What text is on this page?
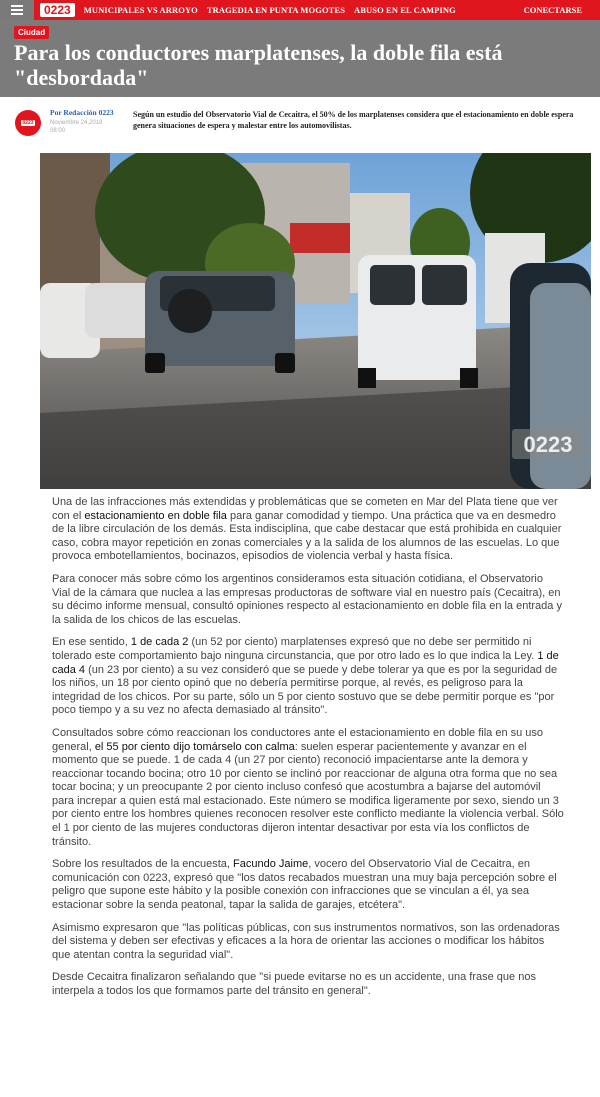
0223	MUNICIPALES VS ARROYO TRAGEDIA EN PUNTA MOGOTES ABUSO EN EL CAMPING	CONECTARSE
Ciudad
Para los conductores marplatenses, la doble fila está "desbordada"
0223
Por Redacción 0223
Noviembre 24,2018
08:00
Según un estudio del Observatorio Vial de Cecaitra, el 50% de los marplatenses considera que el estacionamiento en doble espera genera situaciones de espera y malestar entre los automovilistas.
0223

Una de las infracciones más extendidas y problemáticas que se cometen en Mar del Plata tiene que ver con el estacionamiento en doble fila para ganar comodidad y tiempo. Una práctica que va en desmedro de la libre circulación de los demás. Esta indisciplina, que cabe destacar que está prohibida en cualquier caso, cobra mayor repetición en zonas comerciales y a la salida de los alumnos de las escuelas. Lo que provoca embotellamientos, bocinazos, episodios de violencia verbal y hasta física.

Para conocer más sobre cómo los argentinos consideramos esta situación cotidiana, el Observatorio Vial de la cámara que nuclea a las empresas productoras de software vial en nuestro país (Cecaitra), en su décimo informe mensual, consultó opiniones respecto al estacionamiento en doble fila en la entrada y la salida de los chicos de las escuelas.

En ese sentido, 1 de cada 2 (un 52 por ciento) marplatenses expresó que no debe ser permitido ni tolerado este comportamiento bajo ninguna circunstancia, que por otro lado es lo que indica la Ley. 1 de cada 4 (un 23 por ciento) a su vez consideró que se puede y debe tolerar ya que es por la seguridad de los niños, un 18 por ciento opinó que no debería permitirse porque, al revés, es peligroso para la integridad de los chicos. Por su parte, sólo un 5 por ciento sostuvo que se debe permitir porque es "por poco tiempo y a su vez no afecta demasiado al tránsito".

Consultados sobre cómo reaccionan los conductores ante el estacionamiento en doble fila en su uso general, el 55 por ciento dijo tomárselo con calma: suelen esperar pacientemente y avanzar en el momento que se puede. 1 de cada 4 (un 27 por ciento) reconoció impacientarse ante la demora y reaccionar tocando bocina; otro 10 por ciento se inclinó por reaccionar de alguna otra forma que no sea tocar bocina; y un preocupante 2 por ciento incluso confesó que acostumbra a bajarse del automóvil para increpar a quien está mal estacionado. Este número se modifica ligeramente por sexo, siendo un 3 por ciento entre los hombres quienes reconocen resolver este conflicto mediante la violencia verbal. Sólo el 1 por ciento de las mujeres conductoras dijeron intentar desactivar por esta vía los conflictos de tránsito.

Sobre los resultados de la encuesta, Facundo Jaime, vocero del Observatorio Vial de Cecaitra, en comunicación con 0223, expresó que "los datos recabados muestran una muy baja percepción sobre el peligro que supone este hábito y la posible conexión con infracciones que se vinculan a él, ya sea estacionar sobre la senda peatonal, tapar la salida de garajes, etcétera".

Asimismo expresaron que "las políticas públicas, con sus instrumentos normativos, son las ordenadoras del sistema y deben ser efectivas y eficaces a la hora de orientar las acciones o modificar los hábitos que atentan contra la seguridad vial".

Desde Cecaitra finalizaron señalando que "si puede evitarse no es un accidente, una frase que nos interpela a todos los que formamos parte del tránsito en general".
